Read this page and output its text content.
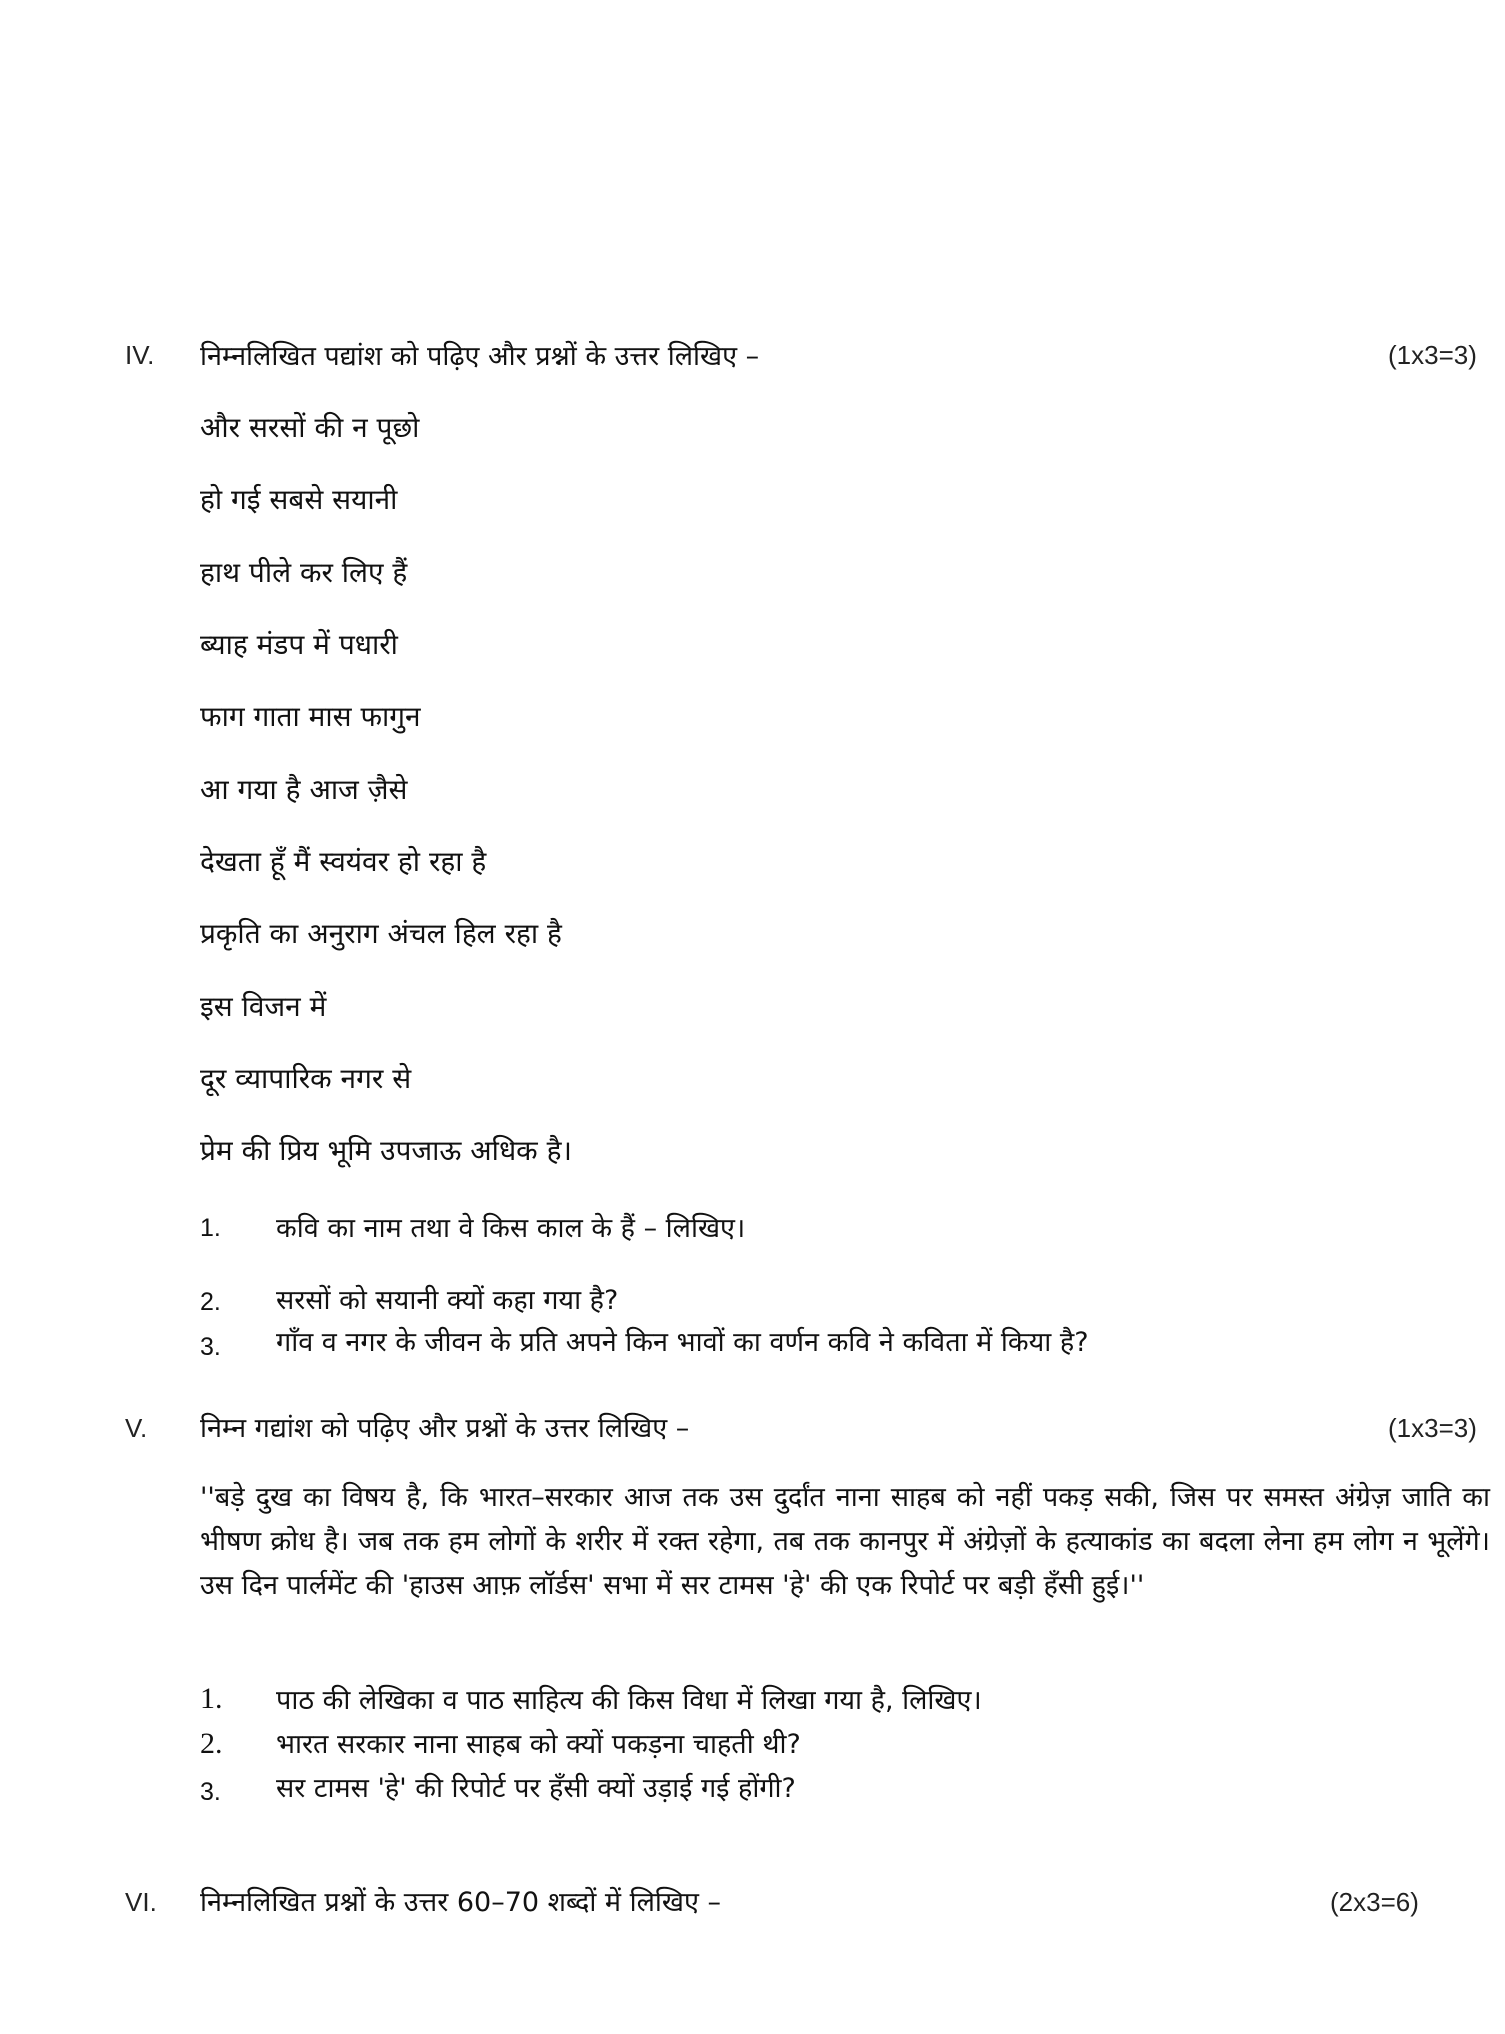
IV. निम्नलिखित पद्यांश को पढ़िए और प्रश्नों के उत्तर लिखिए –	(1x3=3)
और सरसों की न पूछो
हो गई सबसे सयानी
हाथ पीले कर लिए हैं
ब्याह मंडप में पधारी
फाग गाता मास फागुन
आ गया है आज ज़ैसे
देखता हूँ मैं स्वयंवर हो रहा है
प्रकृति का अनुराग अंचल हिल रहा है
इस विजन में
दूर व्यापारिक नगर से
प्रेम की प्रिय भूमि उपजाऊ अधिक है।
1. कवि का नाम तथा वे किस काल के हैं – लिखिए।
2. सरसों को सयानी क्यों कहा गया है?
3. गाँव व नगर के जीवन के प्रति अपने किन भावों का वर्णन कवि ने कविता में किया है?
V. निम्न गद्यांश को पढ़िए और प्रश्नों के उत्तर लिखिए –	(1x3=3)
''बड़े दुख का विषय है, कि भारत–सरकार आज तक उस दुर्दांत नाना साहब को नहीं पकड़ सकी, जिस पर समस्त अंग्रेज़ जाति का भीषण क्रोध है। जब तक हम लोगों के शरीर में रक्त रहेगा, तब तक कानपुर में अंग्रेज़ों के हत्याकांड का बदला लेना हम लोग न भूलेंगे। उस दिन पार्लमेंट की 'हाउस आफ़ लॉर्डस' सभा में सर टामस 'हे' की एक रिपोर्ट पर बड़ी हँसी हुई।''
1. पाठ की लेखिका व पाठ साहित्य की किस विधा में लिखा गया है, लिखिए।
2. भारत सरकार नाना साहब को क्यों पकड़ना चाहती थी?
3. सर टामस 'हे' की रिपोर्ट पर हँसी क्यों उड़ाई गई होंगी?
VI. निम्नलिखित प्रश्नों के उत्तर 60–70 शब्दों में लिखिए –	(2x3=6)
